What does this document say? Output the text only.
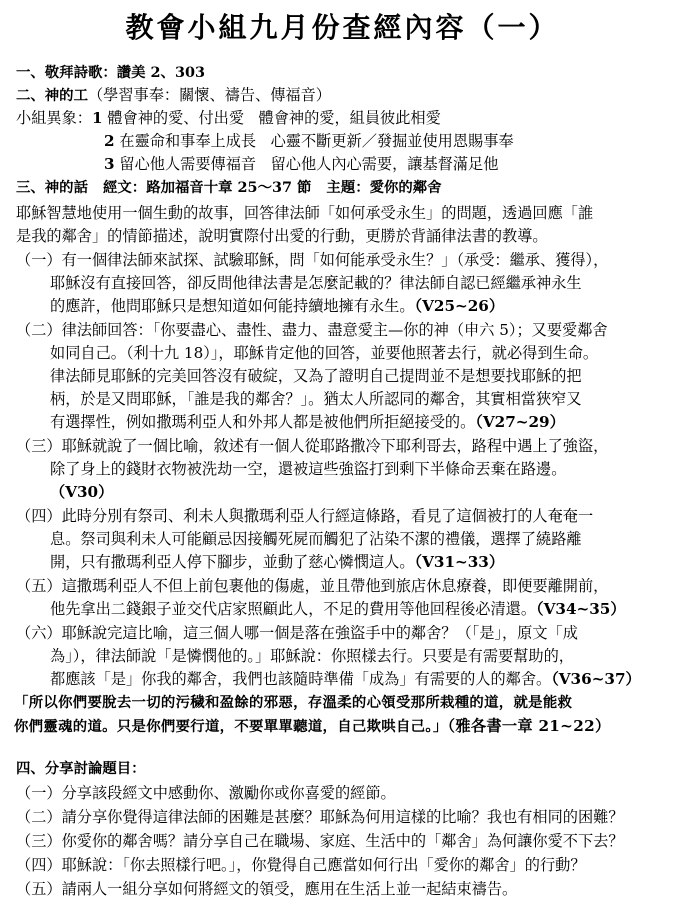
教會小組九月份查經內容（一）
一、敬拜詩歌：讚美 2、303
二、神的工（學習事奉：關懷、禱告、傳福音）
小組異象：1 體會神的愛、付出愛 體會神的愛，組員彼此相愛
2 在靈命和事奉上成長 心靈不斷更新／發掘並使用恩賜事奉
3 留心他人需要傳福音 留心他人內心需要，讓基督滿足他
三、神的話 經文：路加福音十章 25～37 節 主題：愛你的鄰舍
耶穌智慧地使用一個生動的故事，回答律法師「如何承受永生」的問題，透過回應「誰
是我的鄰舍」的情節描述，說明實際付出愛的行動，更勝於背誦律法書的教導。
（一）有一個律法師來試探、試驗耶穌，問「如何能承受永生？」（承受：繼承、獲得），
耶穌沒有直接回答，卻反問他律法書是怎麼記載的？律法師自認已經繼承神永生
的應許，他問耶穌只是想知道如何能持續地擁有永生。（V25~26）
（二）律法師回答：「你要盡心、盡性、盡力、盡意愛主—你的神（申六 5）；又要愛鄰舍
如同自己。（利十九 18）」，耶穌肯定他的回答，並要他照著去行，就必得到生命。
律法師見耶穌的完美回答沒有破綻，又為了證明自己提問並不是想要找耶穌的把
柄，於是又問耶穌，「誰是我的鄰舍？」。猶太人所認同的鄰舍，其實相當狹窄又
有選擇性，例如撒瑪利亞人和外邦人都是被他們所拒絕接受的。（V27~29）
（三）耶穌就說了一個比喻，敘述有一個人從耶路撒冷下耶利哥去，路程中遇上了強盜，
除了身上的錢財衣物被洗劫一空，還被這些強盜打到剩下半條命丟棄在路邊。
（V30）
（四）此時分別有祭司、利未人與撒瑪利亞人行經這條路，看見了這個被打的人奄奄一
息。祭司與利未人可能顧忌因接觸死屍而觸犯了沾染不潔的禮儀，選擇了繞路離
開，只有撒瑪利亞人停下腳步，並動了慈心憐憫這人。（V31~33）
（五）這撒瑪利亞人不但上前包裹他的傷處，並且帶他到旅店休息療養，即便要離開前，
他先拿出二錢銀子並交代店家照顧此人，不足的費用等他回程後必清還。（V34~35）
（六）耶穌說完這比喻，這三個人哪一個是落在強盜手中的鄰舍？（「是」，原文「成
為」），律法師說「是憐憫他的。」耶穌說：你照樣去行。只要是有需要幫助的，
都應該「是」你我的鄰舍，我們也該隨時準備「成為」有需要的人的鄰舍。（V36~37）
「所以你們要脫去一切的污穢和盈餘的邪惡，存溫柔的心領受那所栽種的道，就是能救
你們靈魂的道。只是你們要行道，不要單單聽道，自己欺哄自己。」（雅各書一章 21~22）
四、分享討論題目：
（一）分享該段經文中感動你、激勵你或你喜愛的經節。
（二）請分享你覺得這律法師的困難是甚麼？耶穌為何用這樣的比喻？我也有相同的困難？
（三）你愛你的鄰舍嗎？請分享自己在職場、家庭、生活中的「鄰舍」為何讓你愛不下去？
（四）耶穌說：「你去照樣行吧。」，你覺得自己應當如何行出「愛你的鄰舍」的行動？
（五）請兩人一組分享如何將經文的領受，應用在生活上並一起結束禱告。
